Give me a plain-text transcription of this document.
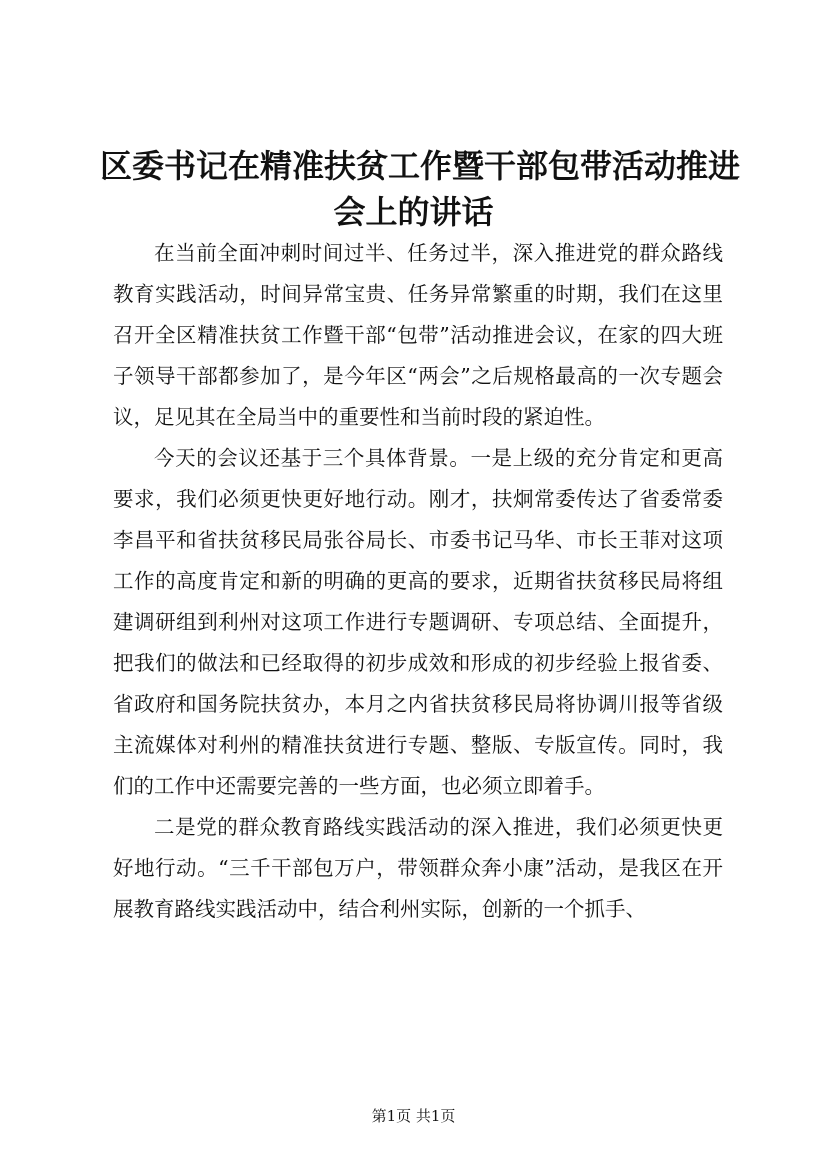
区委书记在精准扶贫工作暨干部包带活动推进
会上的讲话

在当前全面冲刺时间过半、任务过半，深入推进党的群众路线教育实践活动，时间异常宝贵、任务异常繁重的时期，我们在这里召开全区精准扶贫工作暨干部“包带”活动推进会议，在家的四大班子领导干部都参加了，是今年区“两会”之后规格最高的一次专题会议，足见其在全局当中的重要性和当前时段的紧迫性。

今天的会议还基于三个具体背景。一是上级的充分肯定和更高要求，我们必须更快更好地行动。刚才，扶炯常委传达了省委常委李昌平和省扶贫移民局张谷局长、市委书记马华、市长王菲对这项工作的高度肯定和新的明确的更高的要求，近期省扶贫移民局将组建调研组到利州对这项工作进行专题调研、专项总结、全面提升，把我们的做法和已经取得的初步成效和形成的初步经验上报省委、省政府和国务院扶贫办，本月之内省扶贫移民局将协调川报等省级主流媒体对利州的精准扶贫进行专题、整版、专版宣传。同时，我们的工作中还需要完善的一些方面，也必须立即着手。

二是党的群众教育路线实践活动的深入推进，我们必须更快更好地行动。“三千干部包万户，带领群众奔小康”活动，是我区在开展教育路线实践活动中，结合利州实际，创新的一个抓手、

第1页 共1页
